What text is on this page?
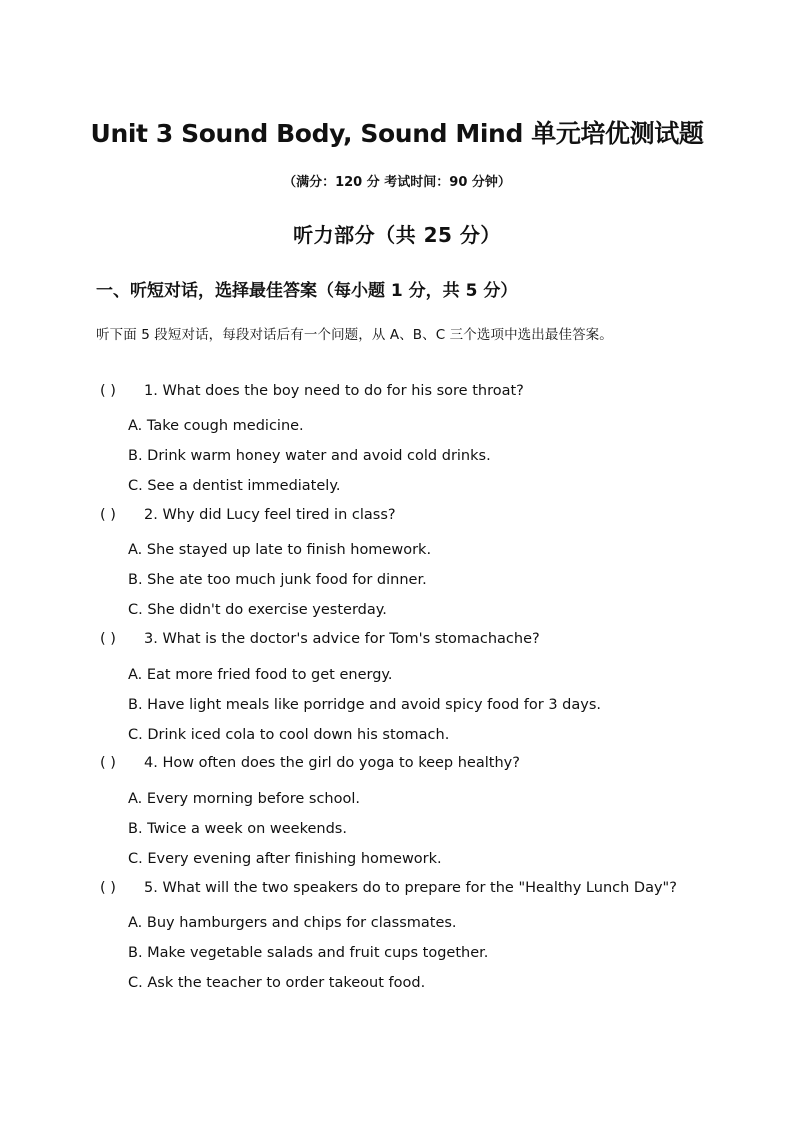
Unit 3 Sound Body, Sound Mind 单元培优测试题
（满分：120 分 考试时间：90 分钟）
听力部分（共 25 分）
一、听短对话，选择最佳答案（每小题 1 分，共 5 分）
听下面 5 段短对话，每段对话后有一个问题，从 A、B、C 三个选项中选出最佳答案。
( ) 1. What does the boy need to do for his sore throat?
A. Take cough medicine.
B. Drink warm honey water and avoid cold drinks.
C. See a dentist immediately.
( ) 2. Why did Lucy feel tired in class?
A. She stayed up late to finish homework.
B. She ate too much junk food for dinner.
C. She didn't do exercise yesterday.
( ) 3. What is the doctor's advice for Tom's stomachache?
A. Eat more fried food to get energy.
B. Have light meals like porridge and avoid spicy food for 3 days.
C. Drink iced cola to cool down his stomach.
( ) 4. How often does the girl do yoga to keep healthy?
A. Every morning before school.
B. Twice a week on weekends.
C. Every evening after finishing homework.
( ) 5. What will the two speakers do to prepare for the "Healthy Lunch Day"?
A. Buy hamburgers and chips for classmates.
B. Make vegetable salads and fruit cups together.
C. Ask the teacher to order takeout food.
